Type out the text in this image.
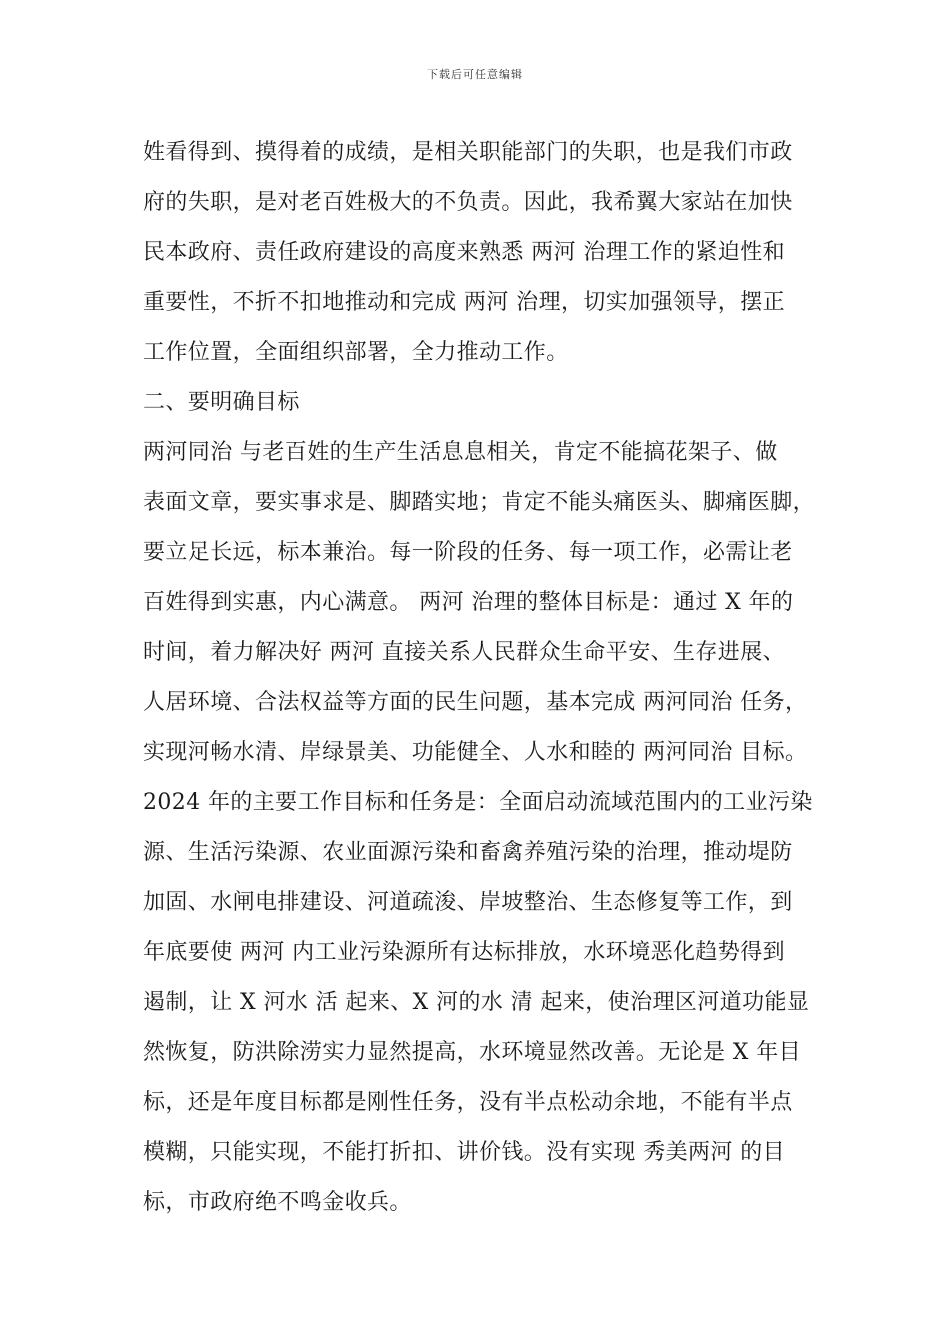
下载后可任意编辑
姓看得到、摸得着的成绩，是相关职能部门的失职，也是我们市政
府的失职，是对老百姓极大的不负责。因此，我希翼大家站在加快
民本政府、责任政府建设的高度来熟悉 两河 治理工作的紧迫性和
重要性，不折不扣地推动和完成 两河 治理，切实加强领导，摆正
工作位置，全面组织部署，全力推动工作。
二、要明确目标
两河同治 与老百姓的生产生活息息相关，肯定不能搞花架子、做
表面文章，要实事求是、脚踏实地；肯定不能头痛医头、脚痛医脚，
要立足长远，标本兼治。每一阶段的任务、每一项工作，必需让老
百姓得到实惠，内心满意。 两河 治理的整体目标是：通过 X 年的
时间，着力解决好 两河 直接关系人民群众生命平安、生存进展、
人居环境、合法权益等方面的民生问题，基本完成 两河同治 任务，
实现河畅水清、岸绿景美、功能健全、人水和睦的 两河同治 目标。
2024 年的主要工作目标和任务是：全面启动流域范围内的工业污染
源、生活污染源、农业面源污染和畜禽养殖污染的治理，推动堤防
加固、水闸电排建设、河道疏浚、岸坡整治、生态修复等工作，到
年底要使 两河 内工业污染源所有达标排放，水环境恶化趋势得到
遏制，让 X 河水 活 起来、X 河的水 清 起来，使治理区河道功能显
然恢复，防洪除涝实力显然提高，水环境显然改善。无论是 X 年目
标，还是年度目标都是刚性任务，没有半点松动余地，不能有半点
模糊，只能实现，不能打折扣、讲价钱。没有实现 秀美两河 的目
标，市政府绝不鸣金收兵。
